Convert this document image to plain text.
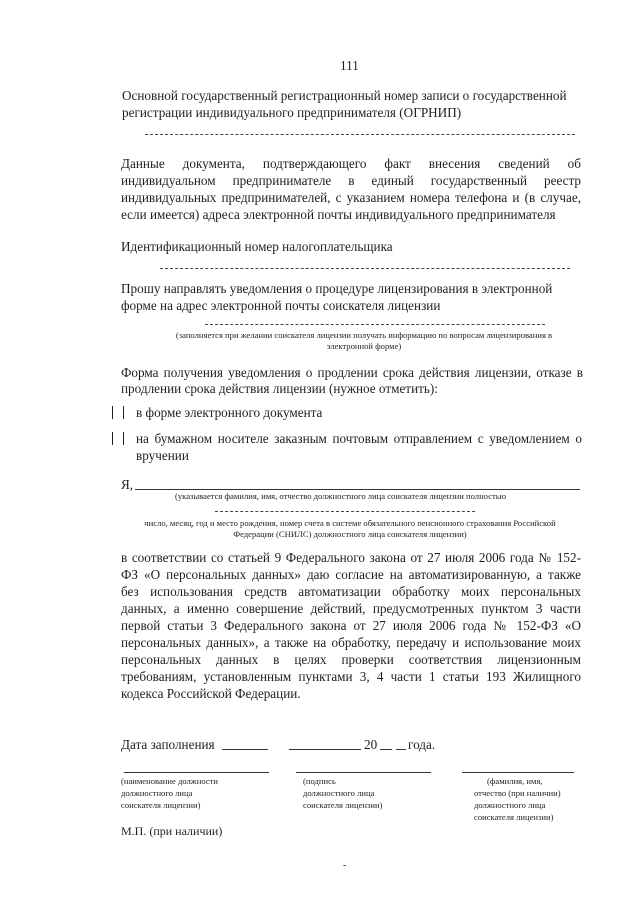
111
Основной государственный регистрационный номер записи о государственной
регистрации индивидуального предпринимателя (ОГРНИП)
Данные документа, подтверждающего факт внесения сведений об
индивидуальном предпринимателе в единый государственный реестр
индивидуальных предпринимателей, с указанием номера телефона и (в случае,
если имеется) адреса электронной почты индивидуального предпринимателя
Идентификационный номер налогоплательщика
Прошу направлять уведомления о процедуре лицензирования в электронной
форме на адрес электронной почты соискателя лицензии
(заполняется при желании соискателя лицензии получать информацию по вопросам лицензирования в
электронной форме)
Форма получения уведомления о продлении срока действия лицензии, отказе в
продлении срока действия лицензии (нужное отметить):
в форме электронного документа
на бумажном носителе заказным почтовым отправлением с уведомлением о
вручении
Я,
(указывается фамилия, имя, отчество должностного лица соискателя лицензии полностью
число, месяц, год и место рождения, номер счета в системе обязательного пенсионного страхования Российской
Федерации (СНИЛС) должностного лица соискателя лицензии)
в соответствии со статьей 9 Федерального закона от 27 июля 2006 года № 152-
ФЗ «О персональных данных» даю согласие на автоматизированную, а также
без использования средств автоматизации обработку моих персональных
данных, а именно совершение действий, предусмотренных пунктом 3 части
первой статьи 3 Федерального закона от 27 июля 2006 года № 152-ФЗ «О
персональных данных», а также на обработку, передачу и использование моих
персональных данных в целях проверки соответствия лицензионным
требованиям, установленным пунктами 3, 4 части 1 статьи 193 Жилищного
кодекса Российской Федерации.
Дата заполнения	20 года.
(наименование должности
должностного лица
соискателя лицензии)
(подпись
должностного лица
соискателя лицензии)
(фамилия, имя,
отчество (при наличии)
должностного лица
соискателя лицензии)
М.П. (при наличии)
-
